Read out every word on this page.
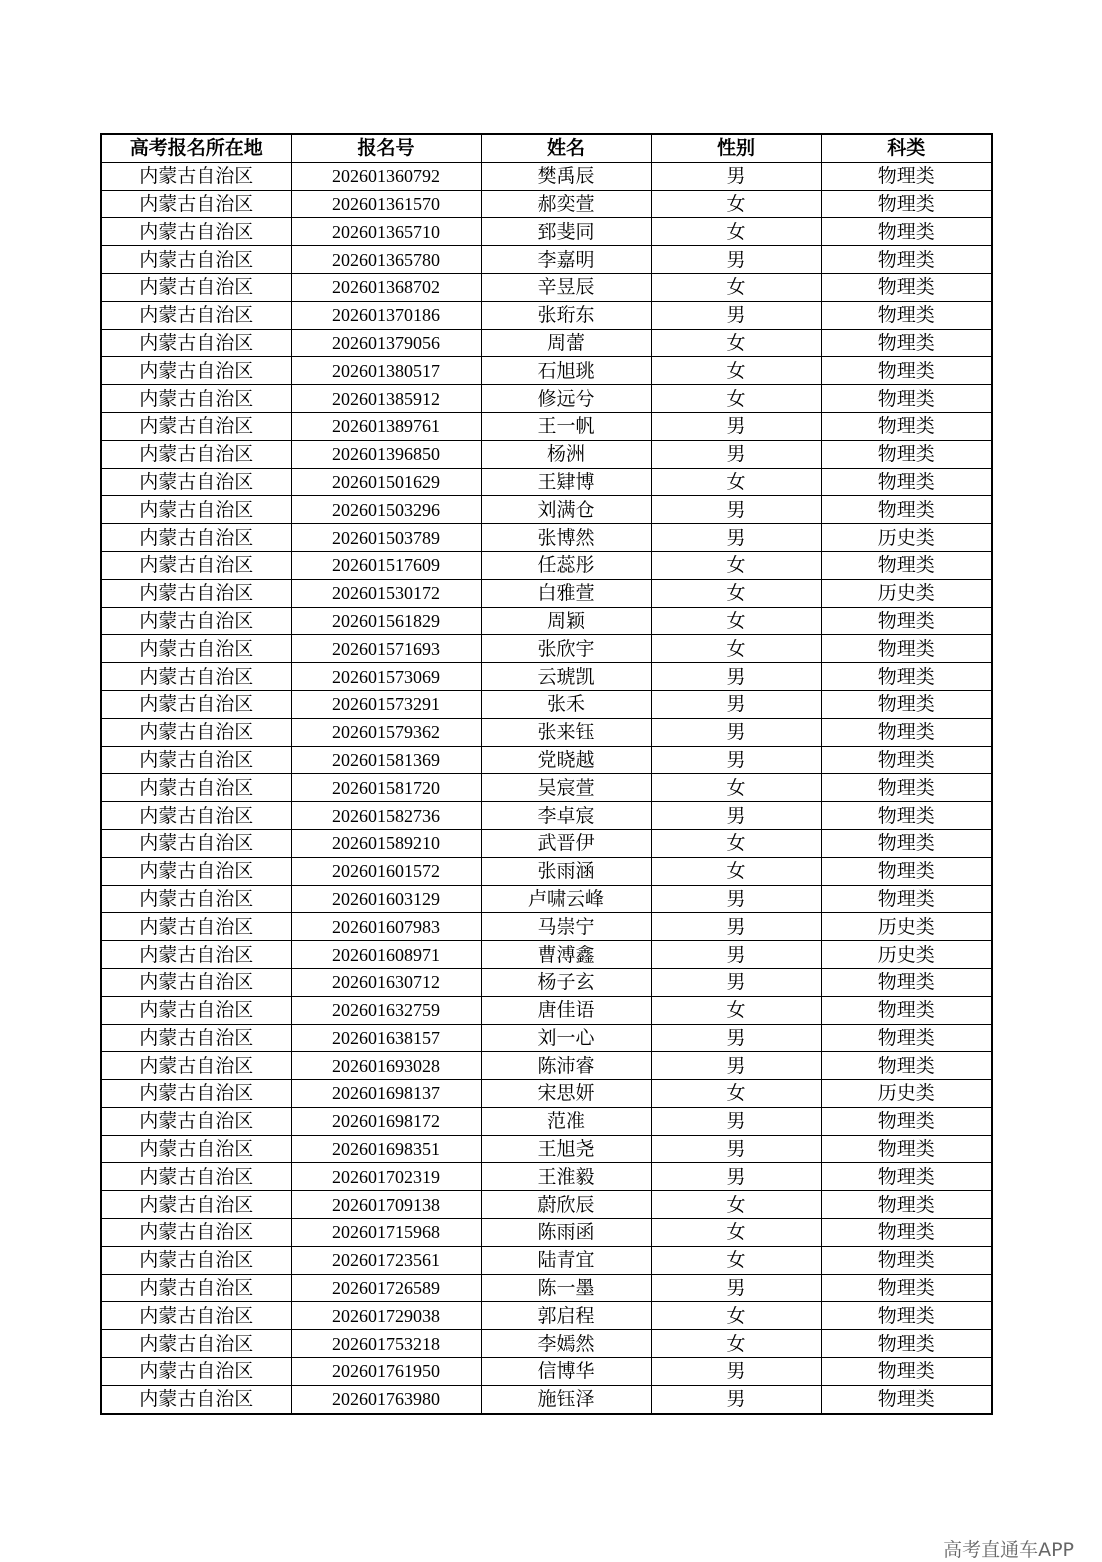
高考报名所在地	报名号	姓名	性别	科类
内蒙古自治区	202601360792	樊禹辰	男	物理类
内蒙古自治区	202601361570	郝奕萱	女	物理类
内蒙古自治区	202601365710	郅斐同	女	物理类
内蒙古自治区	202601365780	李嘉明	男	物理类
内蒙古自治区	202601368702	辛昱辰	女	物理类
内蒙古自治区	202601370186	张珩东	男	物理类
内蒙古自治区	202601379056	周蕾	女	物理类
内蒙古自治区	202601380517	石旭珧	女	物理类
内蒙古自治区	202601385912	修远兮	女	物理类
内蒙古自治区	202601389761	王一帆	男	物理类
内蒙古自治区	202601396850	杨洲	男	物理类
内蒙古自治区	202601501629	王肄博	女	物理类
内蒙古自治区	202601503296	刘满仓	男	物理类
内蒙古自治区	202601503789	张博然	男	历史类
内蒙古自治区	202601517609	任蕊彤	女	物理类
内蒙古自治区	202601530172	白雅萱	女	历史类
内蒙古自治区	202601561829	周颖	女	物理类
内蒙古自治区	202601571693	张欣宇	女	物理类
内蒙古自治区	202601573069	云琥凯	男	物理类
内蒙古自治区	202601573291	张禾	男	物理类
内蒙古自治区	202601579362	张来钰	男	物理类
内蒙古自治区	202601581369	党晓越	男	物理类
内蒙古自治区	202601581720	吴宸萱	女	物理类
内蒙古自治区	202601582736	李卓宸	男	物理类
内蒙古自治区	202601589210	武晋伊	女	物理类
内蒙古自治区	202601601572	张雨涵	女	物理类
内蒙古自治区	202601603129	卢啸云峰	男	物理类
内蒙古自治区	202601607983	马崇宁	男	历史类
内蒙古自治区	202601608971	曹溥鑫	男	历史类
内蒙古自治区	202601630712	杨子玄	男	物理类
内蒙古自治区	202601632759	唐佳语	女	物理类
内蒙古自治区	202601638157	刘一心	男	物理类
内蒙古自治区	202601693028	陈沛睿	男	物理类
内蒙古自治区	202601698137	宋思妍	女	历史类
内蒙古自治区	202601698172	范准	男	物理类
内蒙古自治区	202601698351	王旭尧	男	物理类
内蒙古自治区	202601702319	王淮毅	男	物理类
内蒙古自治区	202601709138	蔚欣辰	女	物理类
内蒙古自治区	202601715968	陈雨函	女	物理类
内蒙古自治区	202601723561	陆青宜	女	物理类
内蒙古自治区	202601726589	陈一墨	男	物理类
内蒙古自治区	202601729038	郭启程	女	物理类
内蒙古自治区	202601753218	李嫣然	女	物理类
内蒙古自治区	202601761950	信博华	男	物理类
内蒙古自治区	202601763980	施钰泽	男	物理类
高考直通车APP
